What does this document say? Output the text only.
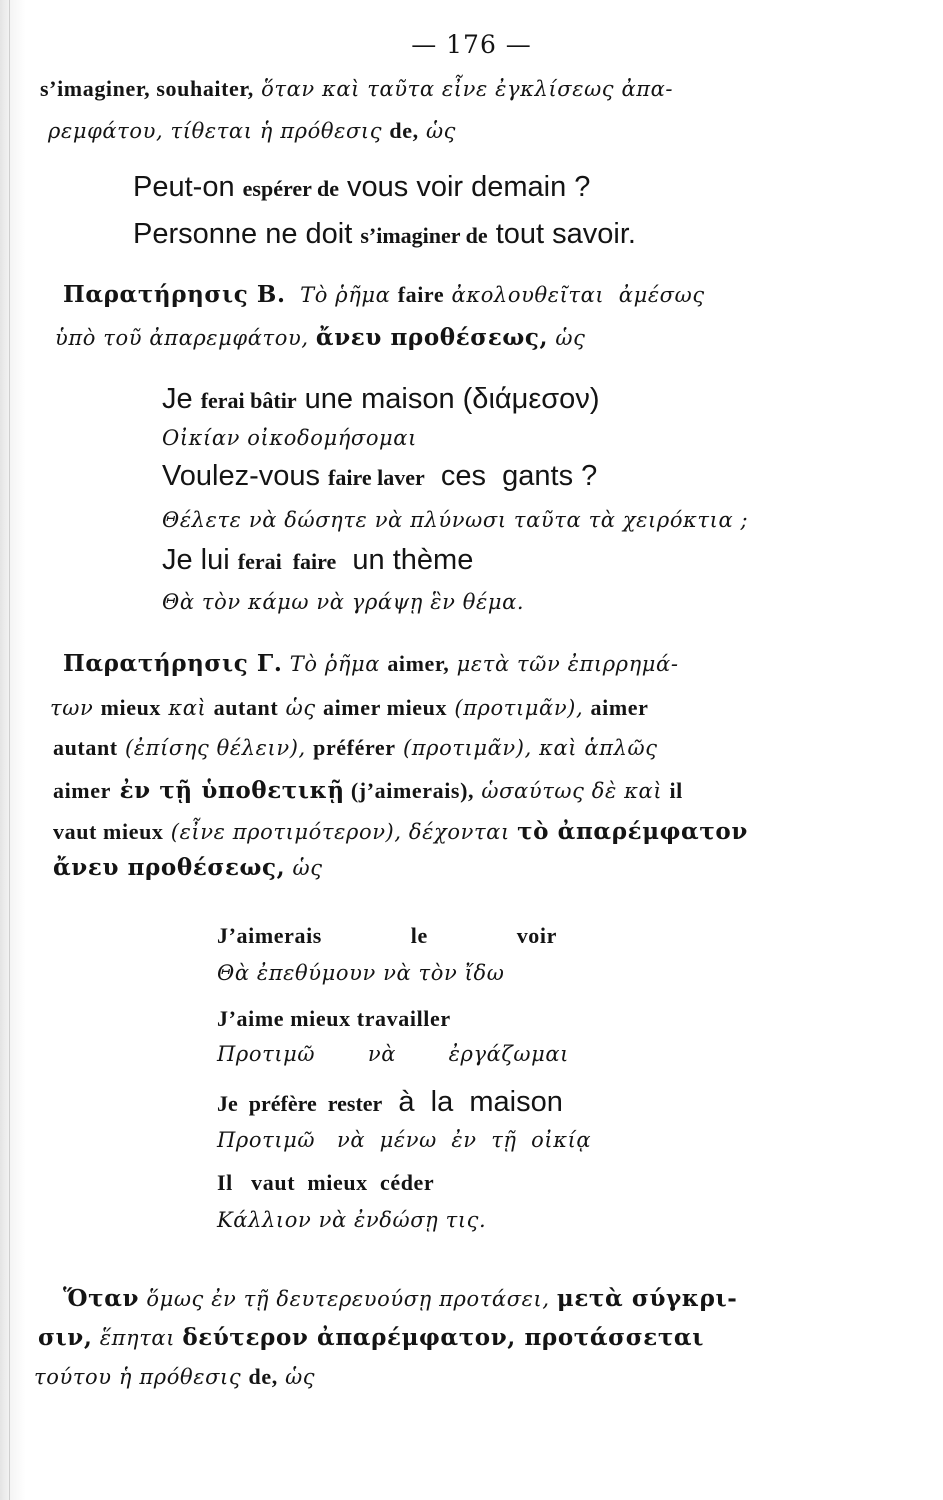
— 176 —
s’imaginer, souhaiter, ὅταν καὶ ταῦτα εἶνε ἐγκλίσεως ἀπα-
ρεμφάτου, τίθεται ἡ πρόθεσις de, ὡς
Peut-on espérer de vous voir demain ?
Personne ne doit s’imaginer de tout savoir.
Παρατήρησις Β.  Τὸ ῥῆμα faire ἀκολουθεῖται  ἀμέσως
ὑπὸ τοῦ ἀπαρεμφάτου, ἄνευ προθέσεως, ὡς
Je ferai bâtir une maison (διάμεσον)
Οἰκίαν οἰκοδομήσομαι
Voulez-vous faire laver  ces  gants ?
Θέλετε νὰ δώσητε νὰ πλύνωσι ταῦτα τὰ χειρόκτια ;
Je lui ferai  faire  un thème
Θὰ τὸν κάμω νὰ γράψῃ ἓν θέμα.
Παρατήρησις Γ. Τὸ ῥῆμα aimer, μετὰ τῶν ἐπιρρημά-
των mieux καὶ autant ὡς aimer mieux (προτιμᾶν), aimer
autant (ἐπίσης θέλειν), préférer (προτιμᾶν), καὶ ἁπλῶς
aimer ἐν τῇ ὑποθετικῇ (j’aimerais), ὡσαύτως δὲ καὶ il
vaut mieux (εἶνε προτιμότερον), δέχονται τὸ ἀπαρέμφατον
ἄνευ προθέσεως, ὡς
J’aimerais	le	voir
Θὰ ἐπεθύμουν νὰ τὸν ἴδω
J’aime mieux travailler
Προτιμῶ	νὰ	ἐργάζωμαι
Je  préfère  rester  à  la  maison
Προτιμῶ   νὰ  μένω  ἐν  τῇ  οἰκίᾳ
Il   vaut  mieux  céder
Κάλλιον νὰ ἐνδώσῃ τις.
Ὅταν ὅμως ἐν τῇ δευτερευούσῃ προτάσει, μετὰ σύγκρι-
σιν, ἕπηται δεύτερον ἀπαρέμφατον, προτάσσεται
τούτου ἡ πρόθεσις de, ὡς
